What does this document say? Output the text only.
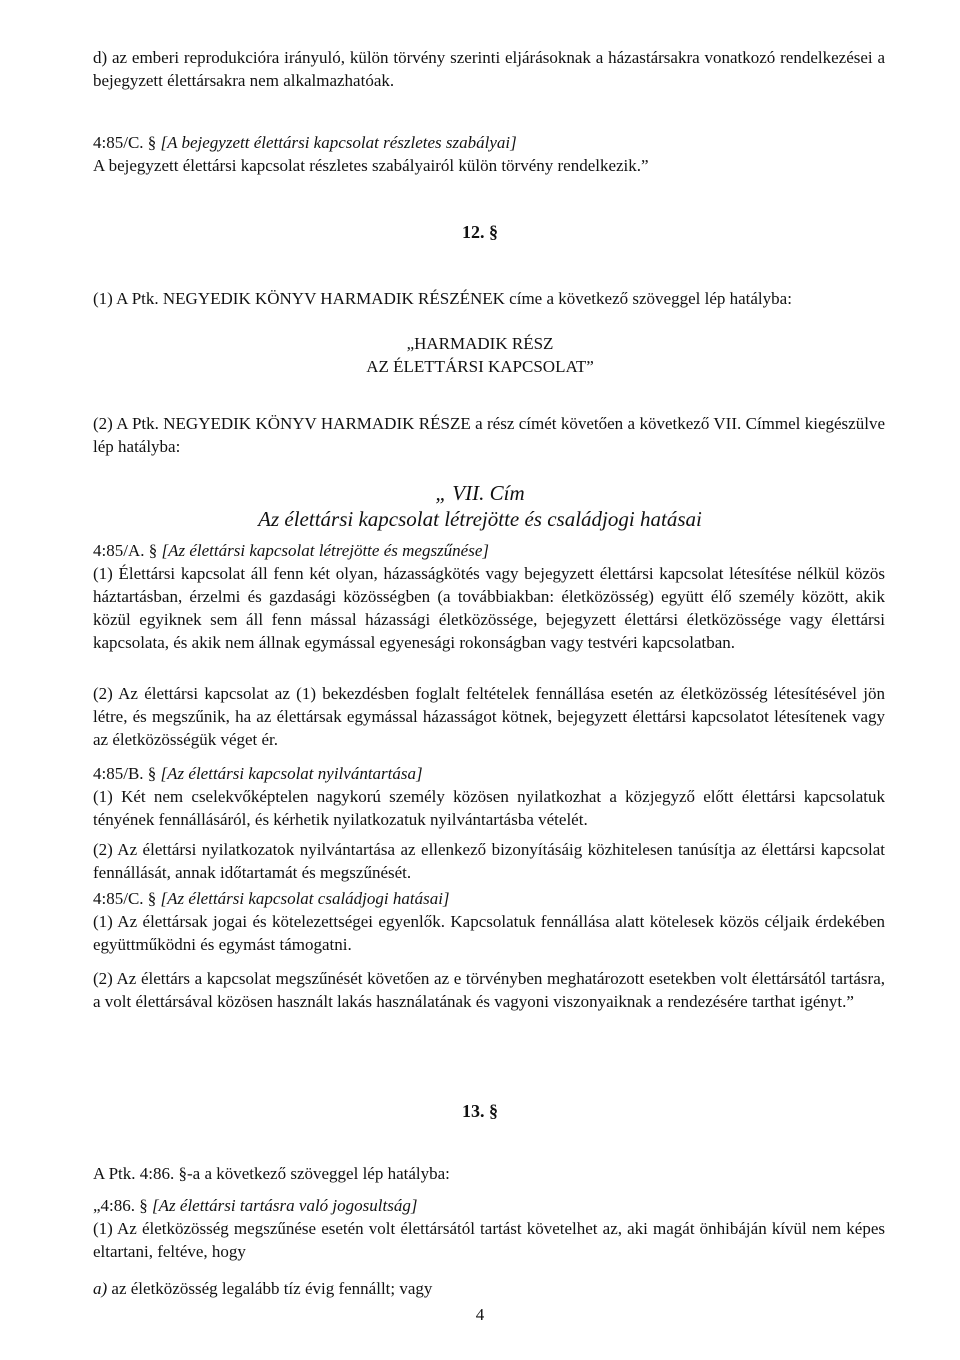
d) az emberi reprodukcióra irányuló, külön törvény szerinti eljárásoknak a házastársakra vonatkozó rendelkezései a bejegyzett élettársakra nem alkalmazhatóak.

4:85/C. § [A bejegyzett élettársi kapcsolat részletes szabályai]

A bejegyzett élettársi kapcsolat részletes szabályairól külön törvény rendelkezik.”

12. §

(1) A Ptk. NEGYEDIK KÖNYV HARMADIK RÉSZÉNEK címe a következő szöveggel lép hatályba:

„HARMADIK RÉSZ

AZ ÉLETTÁRSI KAPCSOLAT”

(2) A Ptk. NEGYEDIK KÖNYV HARMADIK RÉSZE a rész címét követően a következő VII. Címmel kiegészülve lép hatályba:

„ VII. Cím

Az élettársi kapcsolat létrejötte és családjogi hatásai

4:85/A. § [Az élettársi kapcsolat létrejötte és megszűnése]

(1) Élettársi kapcsolat áll fenn két olyan, házasságkötés vagy bejegyzett élettársi kapcsolat létesítése nélkül közös háztartásban, érzelmi és gazdasági közösségben (a továbbiakban: életközösség) együtt élő személy között, akik közül egyiknek sem áll fenn mással házassági életközössége, bejegyzett élettársi életközössége vagy élettársi kapcsolata, és akik nem állnak egymással egyenesági rokonságban vagy testvéri kapcsolatban.

(2) Az élettársi kapcsolat az (1) bekezdésben foglalt feltételek fennállása esetén az életközösség létesítésével jön létre, és megszűnik, ha az élettársak egymással házasságot kötnek, bejegyzett élettársi kapcsolatot létesítenek vagy az életközösségük véget ér.

4:85/B. § [Az élettársi kapcsolat nyilvántartása]

(1) Két nem cselekvőképtelen nagykorú személy közösen nyilatkozhat a közjegyző előtt élettársi kapcsolatuk tényének fennállásáról, és kérhetik nyilatkozatuk nyilvántartásba vételét.

(2) Az élettársi nyilatkozatok nyilvántartása az ellenkező bizonyításáig közhitelesen tanúsítja az élettársi kapcsolat fennállását, annak időtartamát és megszűnését.

4:85/C. § [Az élettársi kapcsolat családjogi hatásai]

(1) Az élettársak jogai és kötelezettségei egyenlők. Kapcsolatuk fennállása alatt kötelesek közös céljaik érdekében együttműködni és egymást támogatni.

(2) Az élettárs a kapcsolat megszűnését követően az e törvényben meghatározott esetekben volt élettársától tartásra, a volt élettársával közösen használt lakás használatának és vagyoni viszonyaiknak a rendezésére tarthat igényt.”

13. §

A Ptk. 4:86. §-a a következő szöveggel lép hatályba:

„4:86. § [Az élettársi tartásra való jogosultság]

(1) Az életközösség megszűnése esetén volt élettársától tartást követelhet az, aki magát önhibáján kívül nem képes eltartani, feltéve, hogy

a) az életközösség legalább tíz évig fennállt; vagy

4
